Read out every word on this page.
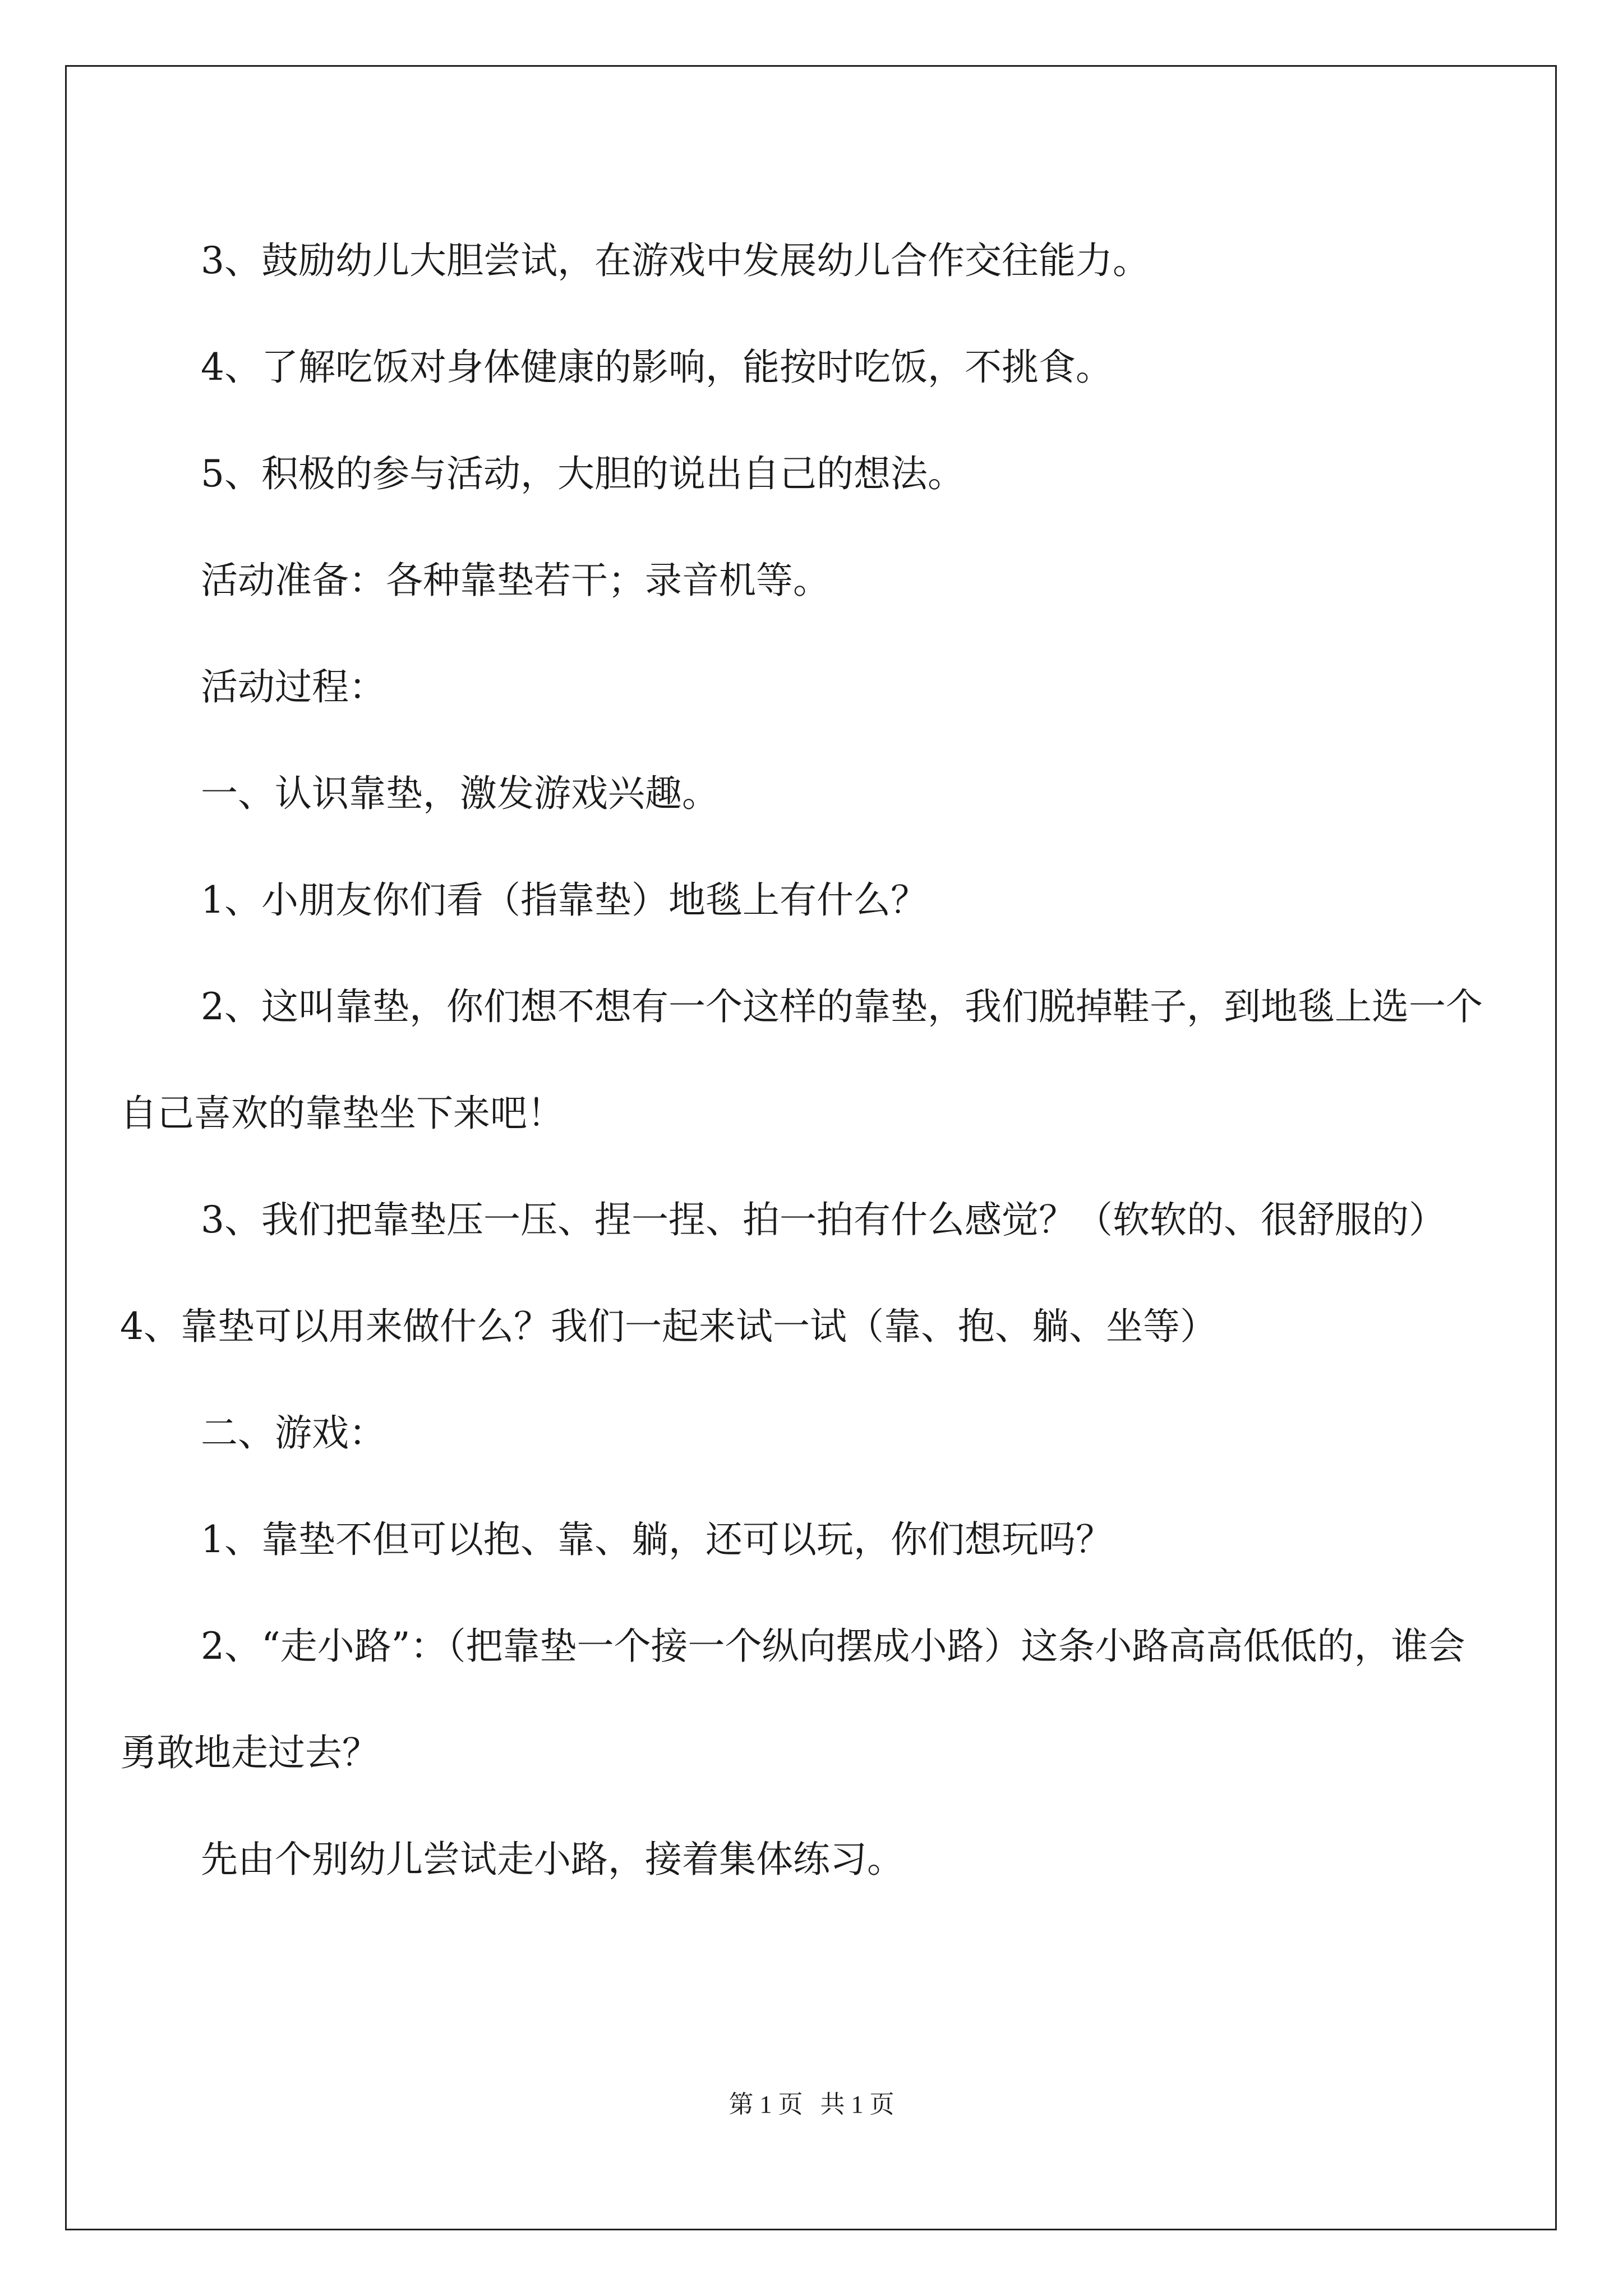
3、鼓励幼儿大胆尝试，在游戏中发展幼儿合作交往能力。

4、了解吃饭对身体健康的影响，能按时吃饭，不挑食。

5、积极的参与活动，大胆的说出自己的想法。

活动准备：各种靠垫若干；录音机等。

活动过程：

一、认识靠垫，激发游戏兴趣。

1、小朋友你们看（指靠垫）地毯上有什么？

2、这叫靠垫，你们想不想有一个这样的靠垫，我们脱掉鞋子，到地毯上选一个自己喜欢的靠垫坐下来吧！

3、我们把靠垫压一压、捏一捏、拍一拍有什么感觉？（软软的、很舒服的）4、靠垫可以用来做什么？我们一起来试一试（靠、抱、躺、坐等）

二、游戏：

1、靠垫不但可以抱、靠、躺，还可以玩，你们想玩吗？

2、“走小路”：（把靠垫一个接一个纵向摆成小路）这条小路高高低低的，谁会勇敢地走过去？

先由个别幼儿尝试走小路，接着集体练习。

第 1 页 共 1 页
